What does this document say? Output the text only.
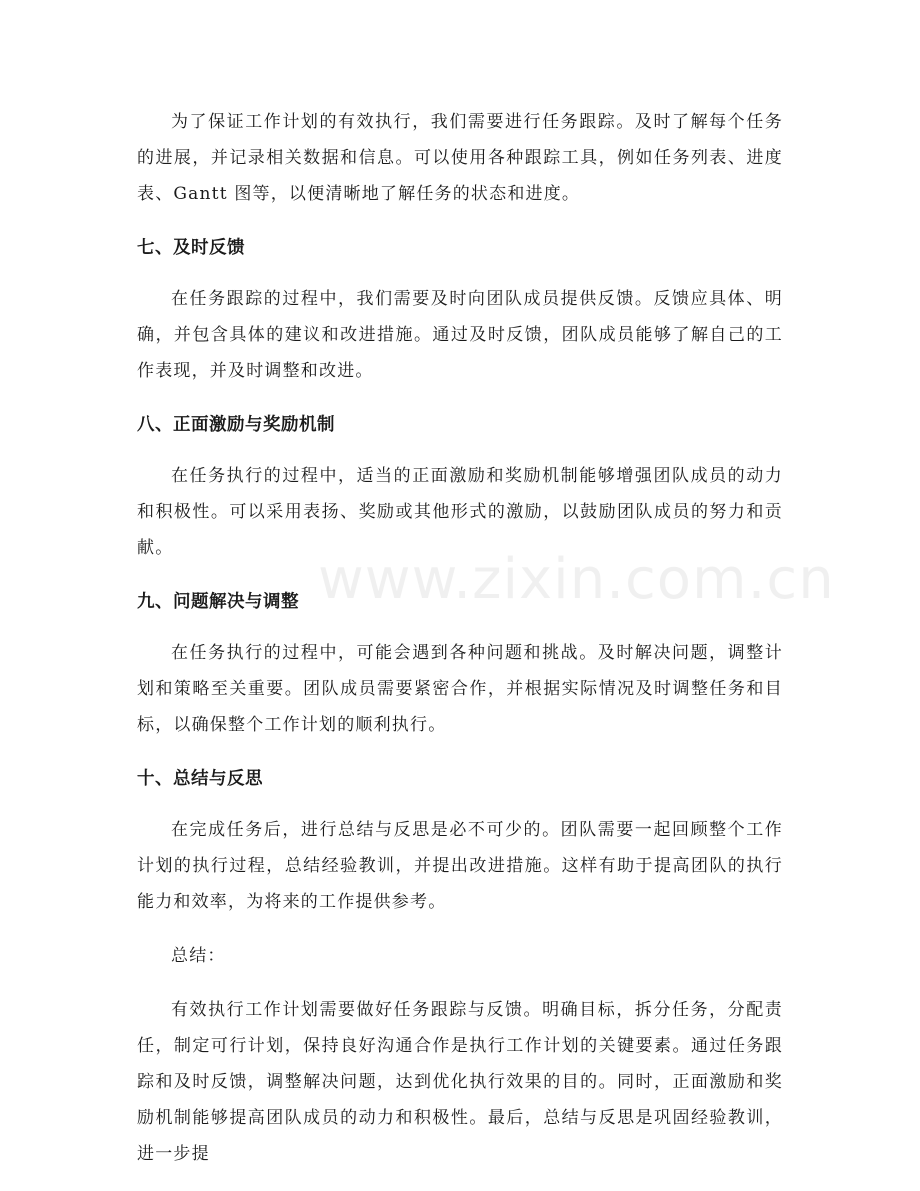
为了保证工作计划的有效执行，我们需要进行任务跟踪。及时了解每个任务的进展，并记录相关数据和信息。可以使用各种跟踪工具，例如任务列表、进度表、Gantt 图等，以便清晰地了解任务的状态和进度。

七、及时反馈

在任务跟踪的过程中，我们需要及时向团队成员提供反馈。反馈应具体、明确，并包含具体的建议和改进措施。通过及时反馈，团队成员能够了解自己的工作表现，并及时调整和改进。

八、正面激励与奖励机制

在任务执行的过程中，适当的正面激励和奖励机制能够增强团队成员的动力和积极性。可以采用表扬、奖励或其他形式的激励，以鼓励团队成员的努力和贡献。

九、问题解决与调整

在任务执行的过程中，可能会遇到各种问题和挑战。及时解决问题，调整计划和策略至关重要。团队成员需要紧密合作，并根据实际情况及时调整任务和目标，以确保整个工作计划的顺利执行。

十、总结与反思

在完成任务后，进行总结与反思是必不可少的。团队需要一起回顾整个工作计划的执行过程，总结经验教训，并提出改进措施。这样有助于提高团队的执行能力和效率，为将来的工作提供参考。

总结：

有效执行工作计划需要做好任务跟踪与反馈。明确目标，拆分任务，分配责任，制定可行计划，保持良好沟通合作是执行工作计划的关键要素。通过任务跟踪和及时反馈，调整解决问题，达到优化执行效果的目的。同时，正面激励和奖励机制能够提高团队成员的动力和积极性。最后，总结与反思是巩固经验教训，进一步提

www.zixin.com.cn
